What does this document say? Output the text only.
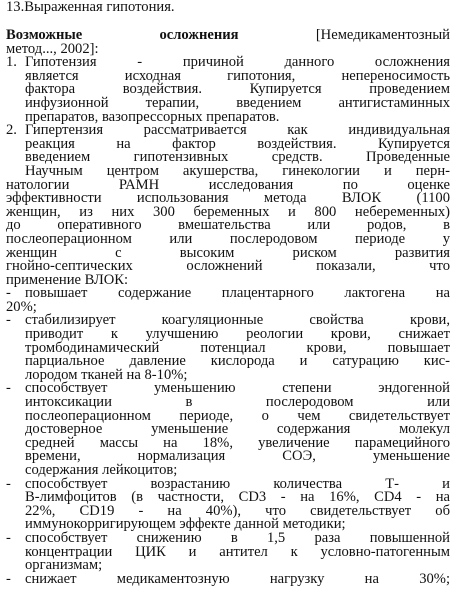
13.Выраженная гипотония.
Возможные осложнения	[Немедикаментозный
метод..., 2002]:
1. Гипотензия - причиной данного осложнения
является исходная гипотония, непереносимость
фактора воздействия. Купируется проведением
инфузионной терапии, введением антигистаминных
препаратов, вазопрессорных препаратов.
2. Гипертензия рассматривается как индивидуальная
реакция на фактор воздействия. Купируется
введением гипотензивных средств. Проведенные
Научным центром акушерства, гинекологии и перн-
натологии РАМН исследования по оценке
эффективности использования метода ВЛОК (1100
женщин, из них 300 беременных и 800 небеременных)
до оперативного вмешательства или родов, в
послеоперационном или послеродовом периоде у
женщин с высоким риском развития
гнойно-септических осложнений показали, что
применение ВЛОК:
- повышает содержание плацентарного лактогена на
20%;
- стабилизирует коагуляционные свойства крови,
приводит к улучшению реологии крови, снижает
тромбодинамический потенциал крови, повышает
парциальное давление кислорода и сатурацию кис-
лородом тканей на 8-10%;
- способствует уменьшению степени эндогенной
интоксикации в послеродовом или
послеоперационном периоде, о чем свидетельствует
достоверное уменьшение содержания молекул
средней массы на 18%, увеличение парамецийного
времени, нормализация СОЭ, уменьшение
содержания лейкоцитов;
- способствует возрастанию количества Т- и
В-лимфоцитов (в частности, CD3 - на 16%, CD4 - на
22%, CD19 - на 40%), что свидетельствует об
иммунокорригирующем эффекте данной методики;
- способствует снижению в 1,5 раза повышенной
концентрации ЦИК и антител к условно-патогенным
организмам;
- снижает медикаментозную нагрузку на 30%;
